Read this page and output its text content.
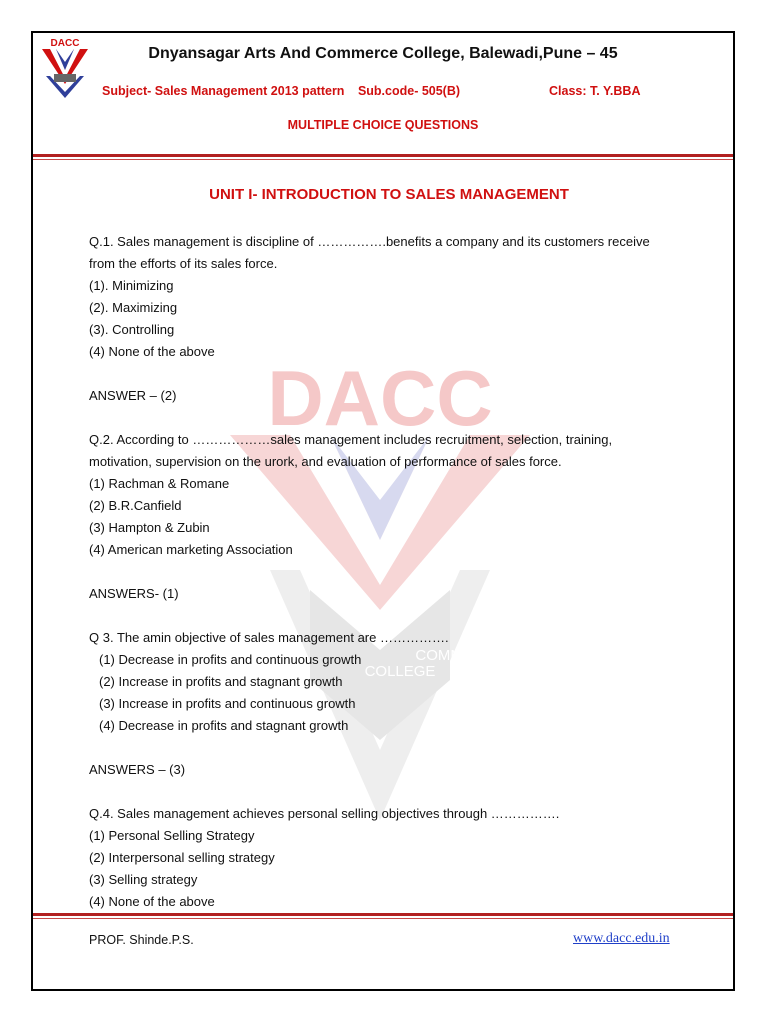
DACC
COMMERCE
COLLEGE
DACC
Dnyansagar Arts And Commerce College, Balewadi,Pune – 45
Subject- Sales Management 2013 pattern Sub.code- 505(B)	Class: T. Y.BBA
MULTIPLE CHOICE QUESTIONS
UNIT I- INTRODUCTION TO SALES MANAGEMENT
Q.1. Sales management is discipline of …………….benefits a company and its customers receive
from the efforts of its sales force.
(1). Minimizing
(2). Maximizing
(3). Controlling
(4) None of the above
ANSWER – (2)
Q.2. According to ………………sales management includes recruitment, selection, training,
motivation, supervision on the urork, and evaluation of performance of sales force.
(1) Rachman & Romane
(2) B.R.Canfield
(3) Hampton & Zubin
(4) American marketing Association
ANSWERS- (1)
Q 3. The amin objective of sales management are …………….
(1) Decrease in profits and continuous growth
(2) Increase in profits and stagnant growth
(3) Increase in profits and continuous growth
(4) Decrease in profits and stagnant growth
ANSWERS – (3)
Q.4. Sales management achieves personal selling objectives through …………….
(1) Personal Selling Strategy
(2) Interpersonal selling strategy
(3) Selling strategy
(4) None of the above
PROF. Shinde.P.S.	www.dacc.edu.in
